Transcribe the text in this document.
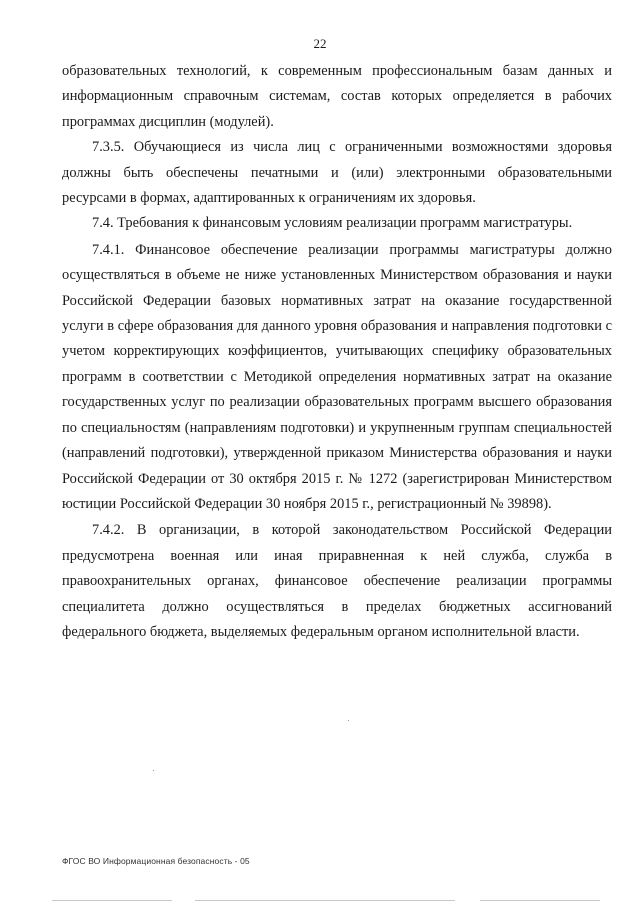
22

образовательных технологий, к современным профессиональным базам данных и информационным справочным системам, состав которых определяется в рабочих программах дисциплин (модулей).

7.3.5. Обучающиеся из числа лиц с ограниченными возможностями здоровья должны быть обеспечены печатными и (или) электронными образовательными ресурсами в формах, адаптированных к ограничениям их здоровья.

7.4. Требования к финансовым условиям реализации программ магистратуры.

7.4.1. Финансовое обеспечение реализации программы магистратуры должно осуществляться в объеме не ниже установленных Министерством образования и науки Российской Федерации базовых нормативных затрат на оказание государственной услуги в сфере образования для данного уровня образования и направления подготовки с учетом корректирующих коэффициентов, учитывающих специфику образовательных программ в соответствии с Методикой определения нормативных затрат на оказание государственных услуг по реализации образовательных программ высшего образования по специальностям (направлениям подготовки) и укрупненным группам специальностей (направлений подготовки), утвержденной приказом Министерства образования и науки Российской Федерации от 30 октября 2015 г. № 1272 (зарегистрирован Министерством юстиции Российской Федерации 30 ноября 2015 г., регистрационный № 39898).

7.4.2. В организации, в которой законодательством Российской Федерации предусмотрена военная или иная приравненная к ней служба, служба в правоохранительных органах, финансовое обеспечение реализации программы специалитета должно осуществляться в пределах бюджетных ассигнований федерального бюджета, выделяемых федеральным органом исполнительной власти.

ФГОС ВО Информационная безопасность - 05
